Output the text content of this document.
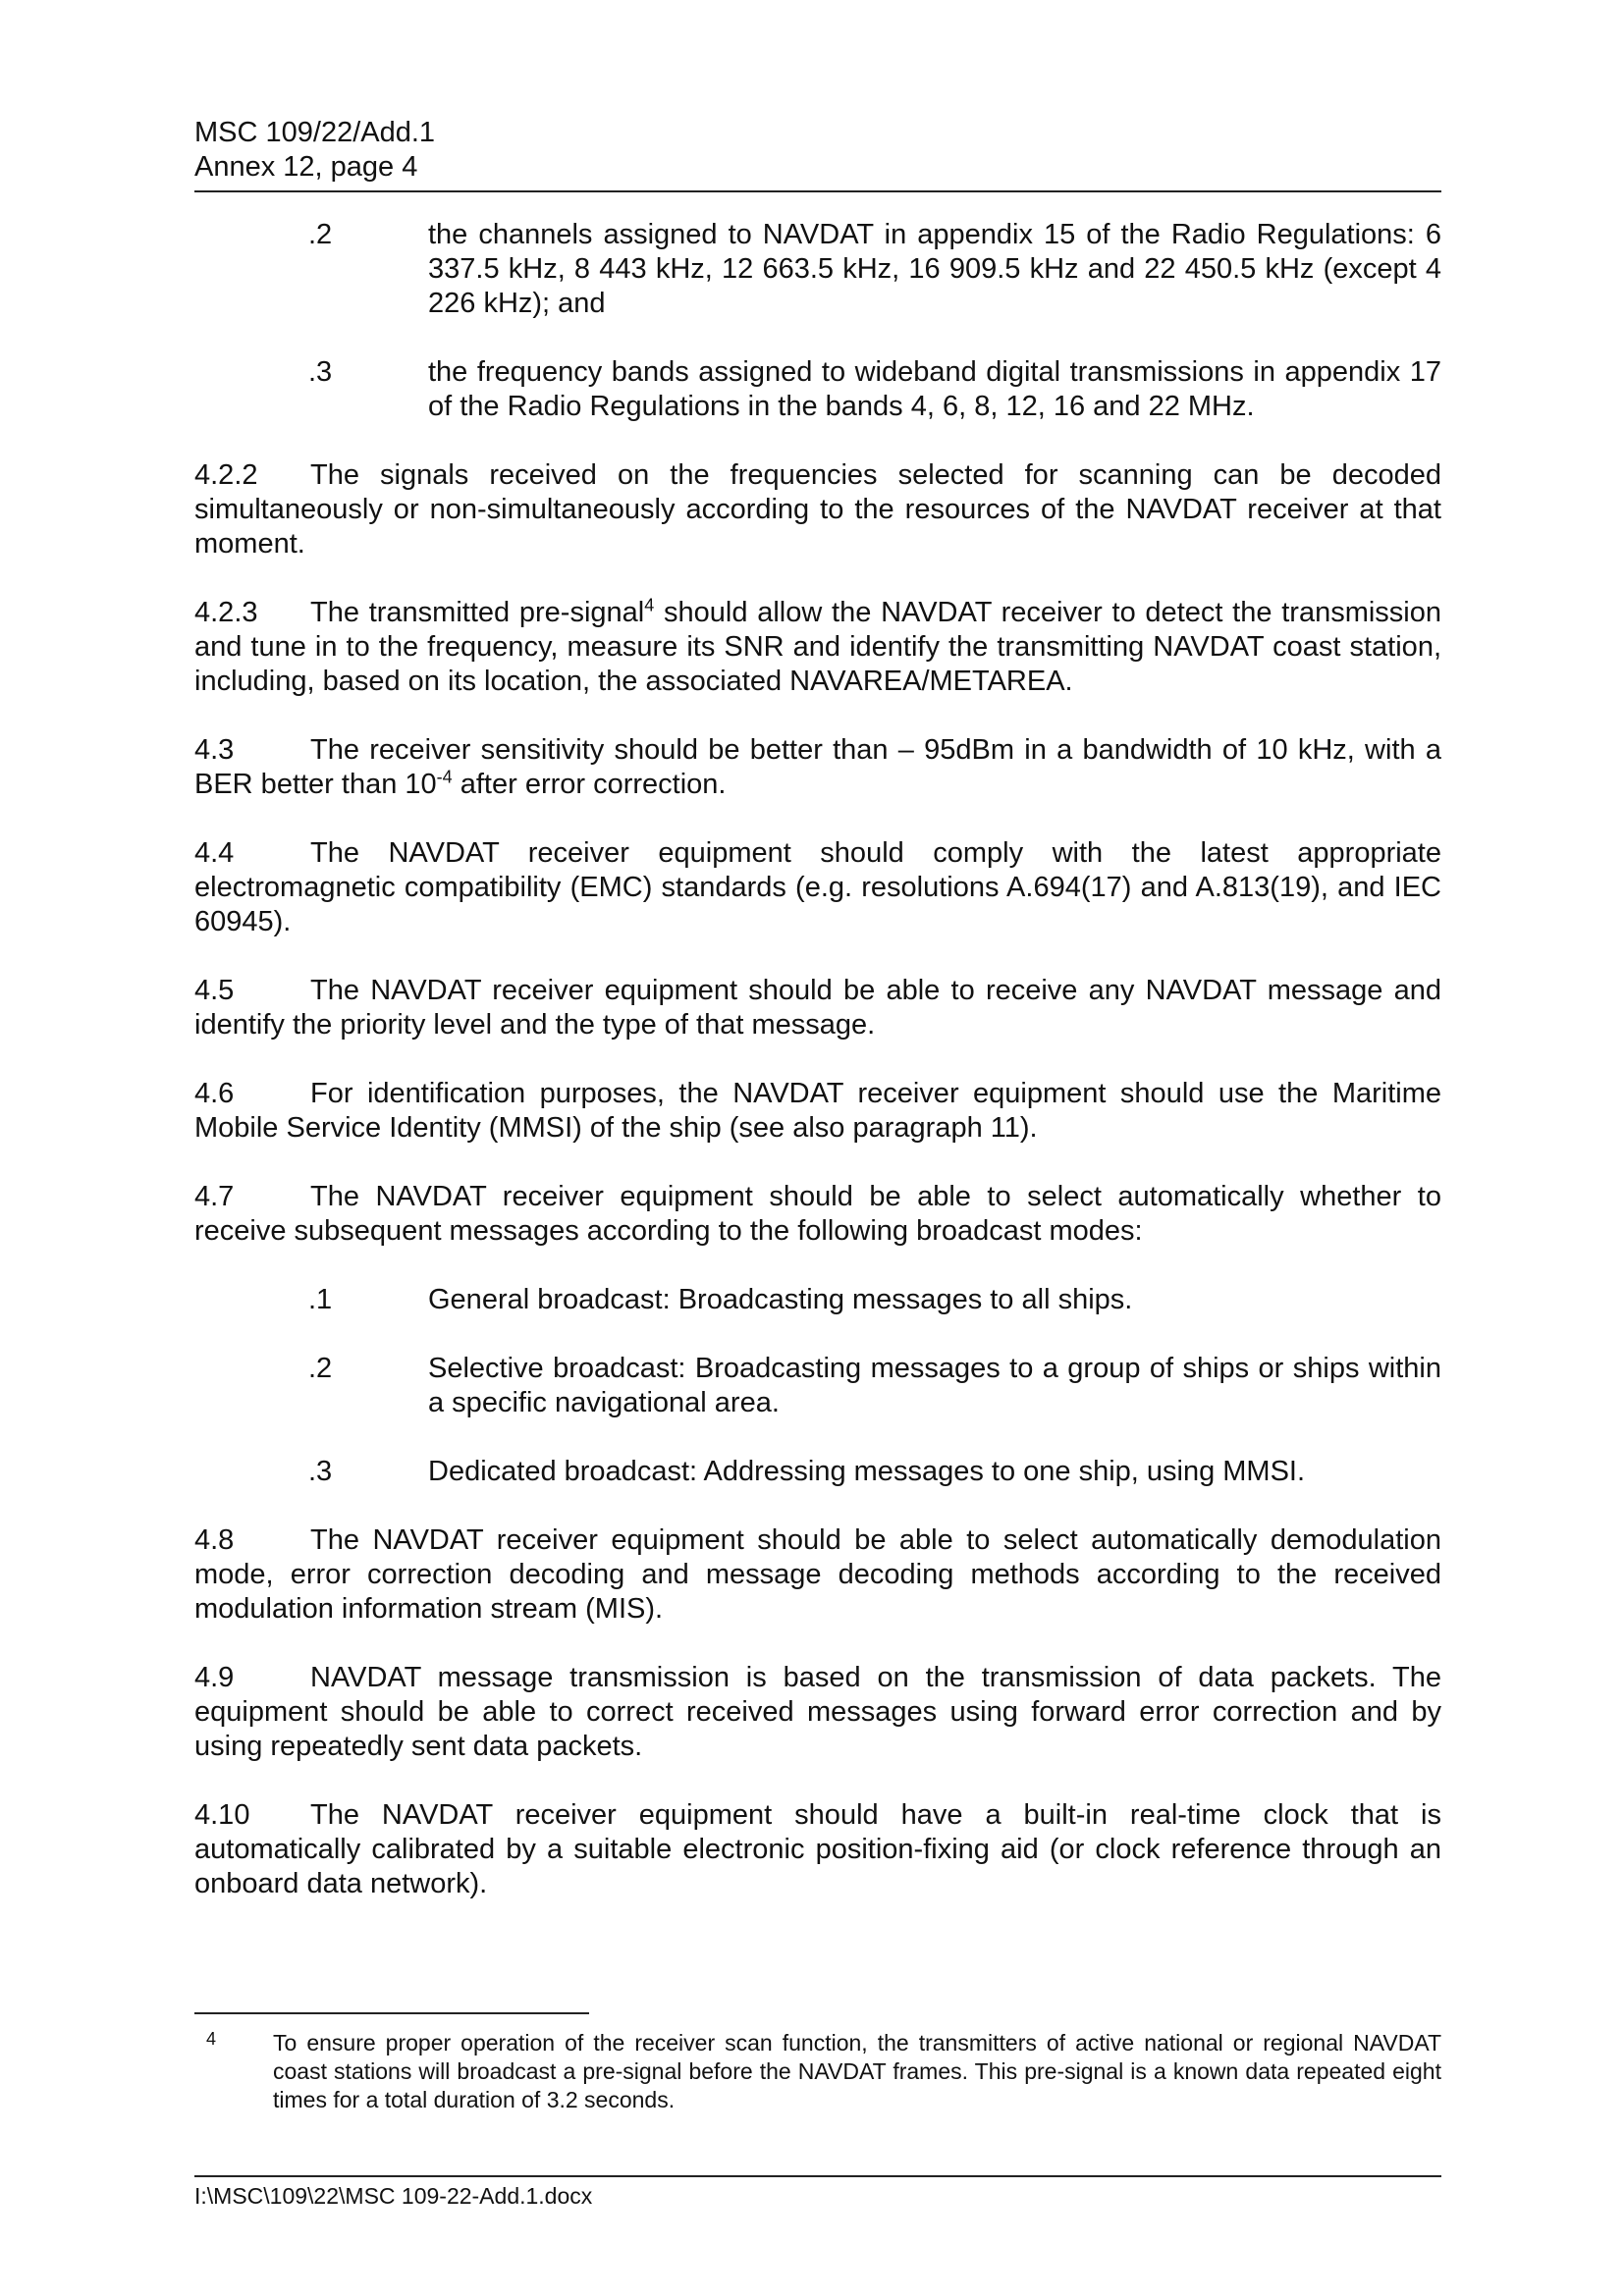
MSC 109/22/Add.1
Annex 12, page 4

.2	the channels assigned to NAVDAT in appendix 15 of the Radio Regulations: 6 337.5 kHz, 8 443 kHz, 12 663.5 kHz, 16 909.5 kHz and 22 450.5 kHz (except 4 226 kHz); and

.3	the frequency bands assigned to wideband digital transmissions in appendix 17 of the Radio Regulations in the bands 4, 6, 8, 12, 16 and 22 MHz.

4.2.2 The signals received on the frequencies selected for scanning can be decoded simultaneously or non-simultaneously according to the resources of the NAVDAT receiver at that moment.

4.2.3 The transmitted pre-signal$^4$ should allow the NAVDAT receiver to detect the transmission and tune in to the frequency, measure its SNR and identify the transmitting NAVDAT coast station, including, based on its location, the associated NAVAREA/METAREA.

4.3	The receiver sensitivity should be better than – 95dBm in a bandwidth of 10 kHz, with a BER better than $10^{-4}$ after error correction.

4.4	The NAVDAT receiver equipment should comply with the latest appropriate electromagnetic compatibility (EMC) standards (e.g. resolutions A.694(17) and A.813(19), and IEC 60945).

4.5	The NAVDAT receiver equipment should be able to receive any NAVDAT message and identify the priority level and the type of that message.

4.6	For identification purposes, the NAVDAT receiver equipment should use the Maritime Mobile Service Identity (MMSI) of the ship (see also paragraph 11).

4.7	The NAVDAT receiver equipment should be able to select automatically whether to receive subsequent messages according to the following broadcast modes:

.1	General broadcast: Broadcasting messages to all ships.

.2	Selective broadcast: Broadcasting messages to a group of ships or ships within a specific navigational area.

.3	Dedicated broadcast: Addressing messages to one ship, using MMSI.

4.8	The NAVDAT receiver equipment should be able to select automatically demodulation mode, error correction decoding and message decoding methods according to the received modulation information stream (MIS).

4.9	NAVDAT message transmission is based on the transmission of data packets. The equipment should be able to correct received messages using forward error correction and by using repeatedly sent data packets.

4.10 The NAVDAT receiver equipment should have a built-in real-time clock that is automatically calibrated by a suitable electronic position-fixing aid (or clock reference through an onboard data network).

4	To ensure proper operation of the receiver scan function, the transmitters of active national or regional NAVDAT coast stations will broadcast a pre-signal before the NAVDAT frames. This pre-signal is a known data repeated eight times for a total duration of 3.2 seconds.
I:\MSC\109\22\MSC 109-22-Add.1.docx
